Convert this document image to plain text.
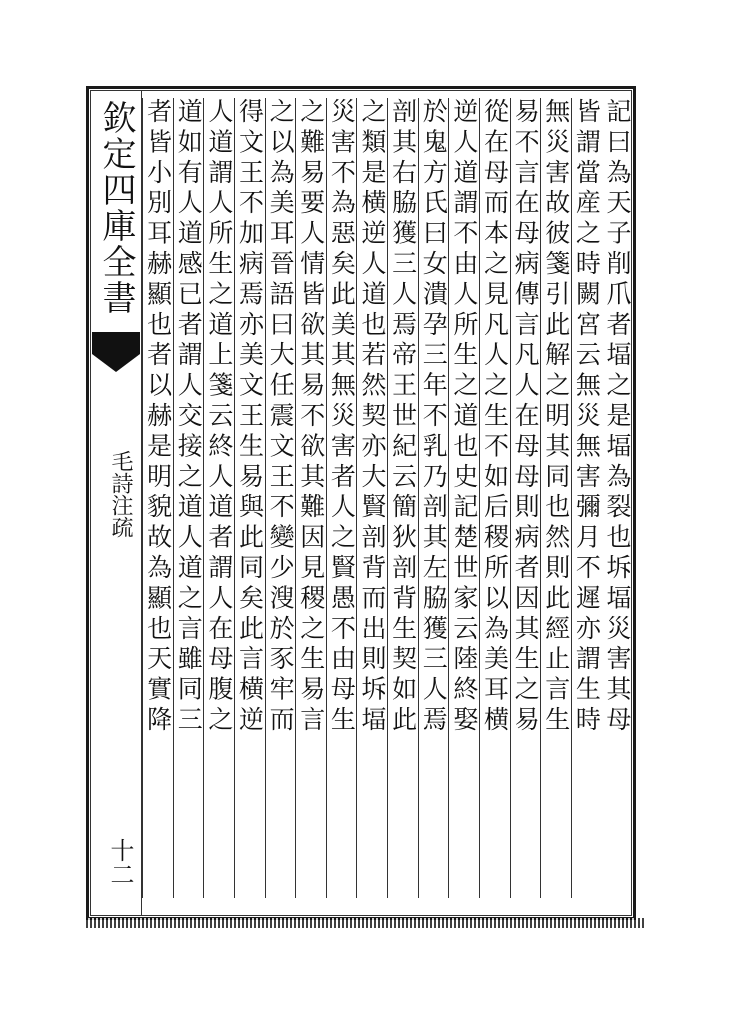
欽定四庫全書
毛詩注疏
十二
記曰為天子削爪者堛之是堛為裂也坼堛災害其母
皆謂當産之時闕宮云無災無害彌月不遲亦謂生時
無災害故彼箋引此解之明其同也然則此經止言生
易不言在母病傳言凡人在母母則病者因其生之易
從在母而本之見凡人之生不如后稷所以為美耳横
逆人道謂不由人所生之道也史記楚世家云陸終娶
於鬼方氏曰女潰孕三年不乳乃剖其左脇獲三人焉
剖其右脇獲三人焉帝王世紀云簡狄剖背生契如此
之類是横逆人道也若然契亦大賢剖背而出則坼堛
災害不為惡矣此美其無災害者人之賢愚不由母生
之難易要人情皆欲其易不欲其難因見稷之生易言
之以為美耳晉語曰大任震文王不變少溲於豕牢而
得文王不加病焉亦美文王生易與此同矣此言横逆
人道謂人所生之道上箋云終人道者謂人在母腹之
道如有人道感已者謂人交接之道人道之言雖同三
者皆小別耳赫顯也者以赫是明貌故為顯也天實降
